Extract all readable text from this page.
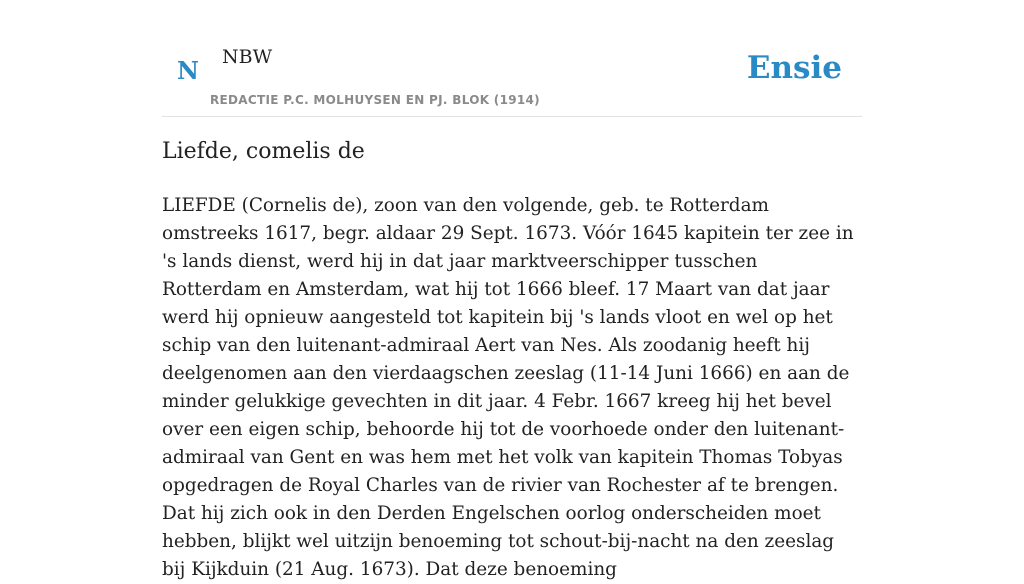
N NBW
REDACTIE P.C. MOLHUYSEN EN PJ. BLOK (1914)
Ensie
Liefde, comelis de

LIEFDE (Cornelis de), zoon van den volgende, geb. te Rotterdam omstreeks 1617, begr. aldaar 29 Sept. 1673. Vóór 1645 kapitein ter zee in 's lands dienst, werd hij in dat jaar marktveerschipper tusschen Rotterdam en Amsterdam, wat hij tot 1666 bleef. 17 Maart van dat jaar werd hij opnieuw aangesteld tot kapitein bij 's lands vloot en wel op het schip van den luitenant-admiraal Aert van Nes. Als zoodanig heeft hij deelgenomen aan den vierdaagschen zeeslag (11-14 Juni 1666) en aan de minder gelukkige gevechten in dit jaar. 4 Febr. 1667 kreeg hij het bevel over een eigen schip, behoorde hij tot de voorhoede onder den luitenant-admiraal van Gent en was hem met het volk van kapitein Thomas Tobyas opgedragen de Royal Charles van de rivier van Rochester af te brengen. Dat hij zich ook in den Derden Engelschen oorlog onderscheiden moet hebben, blijkt wel uitzijn benoeming tot schout-bij-nacht na den zeeslag bij Kijkduin (21 Aug. 1673). Dat deze benoeming
